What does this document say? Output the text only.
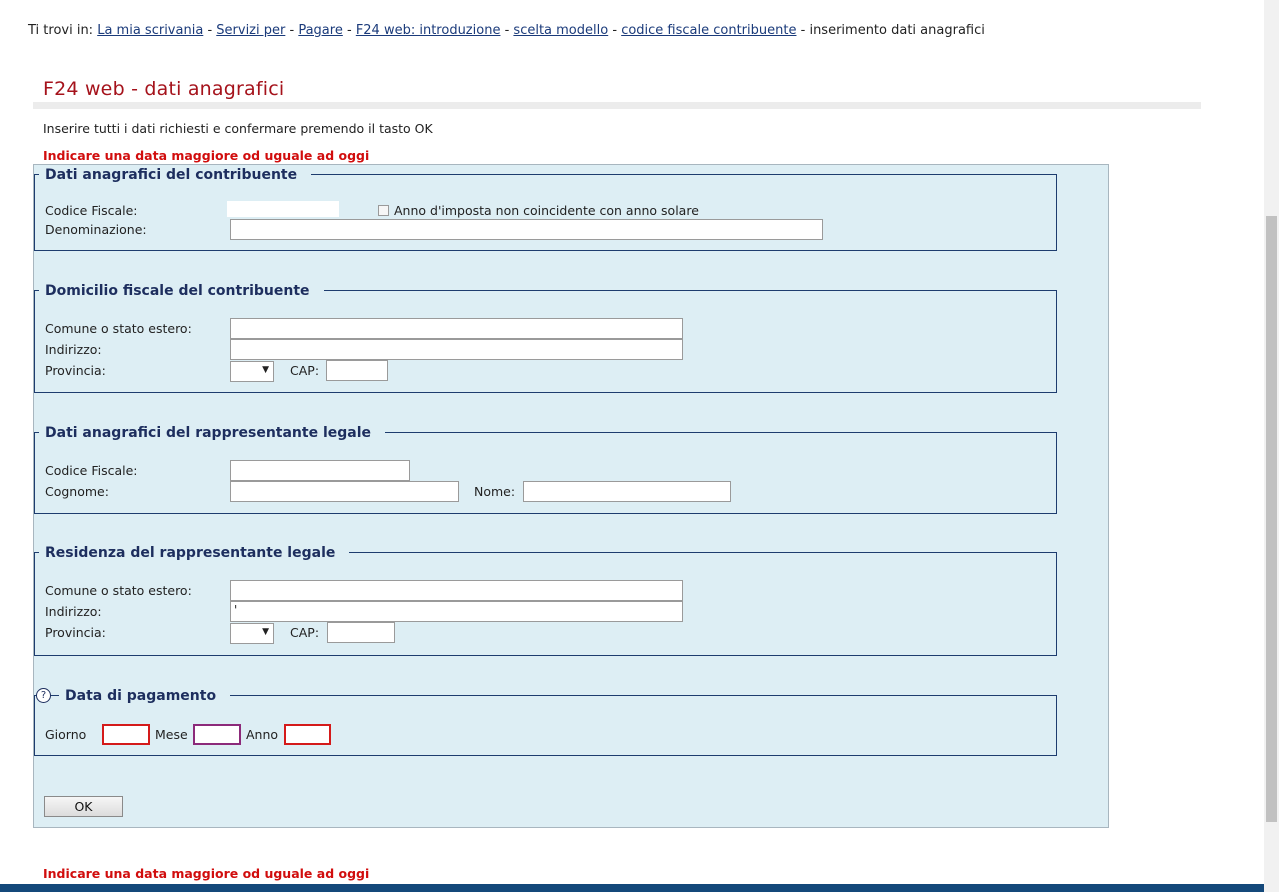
Ti trovi in: La mia scrivania - Servizi per - Pagare - F24 web: introduzione - scelta modello - codice fiscale contribuente - inserimento dati anagrafici
F24 web - dati anagrafici
Inserire tutti i dati richiesti e confermare premendo il tasto OK
Indicare una data maggiore od uguale ad oggi
Dati anagrafici del contribuente
Codice Fiscale:	Anno d'imposta non coincidente con anno solare
Denominazione:
Domicilio fiscale del contribuente
Comune o stato estero:
Indirizzo:
Provincia:	▼ CAP:
Dati anagrafici del rappresentante legale
Codice Fiscale:
Cognome:	Nome:
Residenza del rappresentante legale
Comune o stato estero:
Indirizzo:	'
Provincia:	▼ CAP:
Data di pagamento
?
Giorno	Mese	Anno
OK
Indicare una data maggiore od uguale ad oggi
